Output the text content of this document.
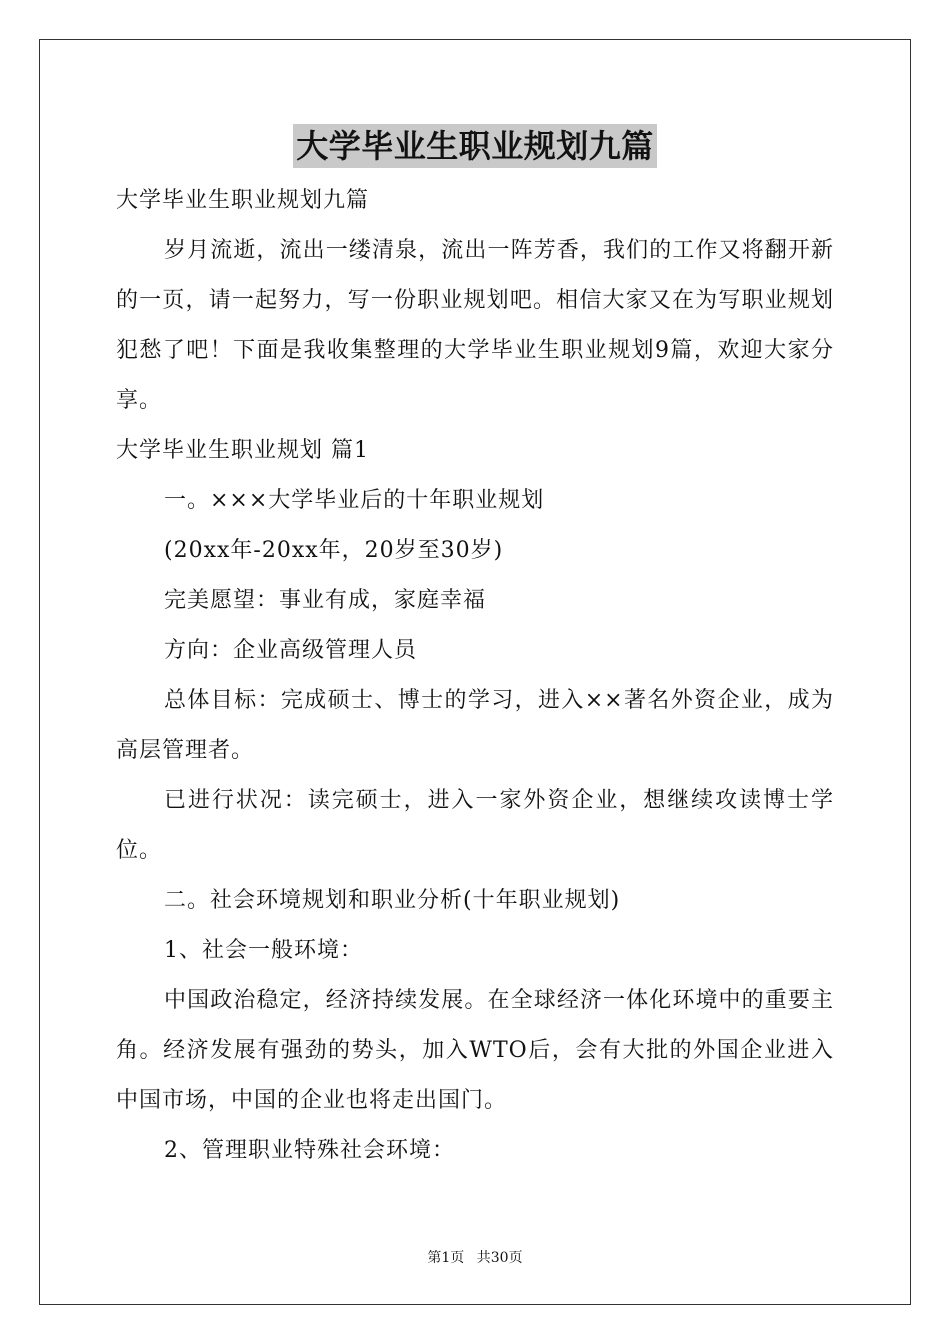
大学毕业生职业规划九篇

大学毕业生职业规划九篇

岁月流逝，流出一缕清泉，流出一阵芳香，我们的工作又将翻开新的一页，请一起努力，写一份职业规划吧。相信大家又在为写职业规划犯愁了吧！下面是我收集整理的大学毕业生职业规划9篇，欢迎大家分享。

大学毕业生职业规划 篇1

一。×××大学毕业后的十年职业规划

(20xx年-20xx年，20岁至30岁)

完美愿望：事业有成，家庭幸福

方向：企业高级管理人员

总体目标：完成硕士、博士的学习，进入××著名外资企业，成为高层管理者。

已进行状况：读完硕士，进入一家外资企业，想继续攻读博士学位。

二。社会环境规划和职业分析(十年职业规划)

1、社会一般环境：

中国政治稳定，经济持续发展。在全球经济一体化环境中的重要主角。经济发展有强劲的势头，加入WTO后，会有大批的外国企业进入中国市场，中国的企业也将走出国门。

2、管理职业特殊社会环境：

第1页 共30页
